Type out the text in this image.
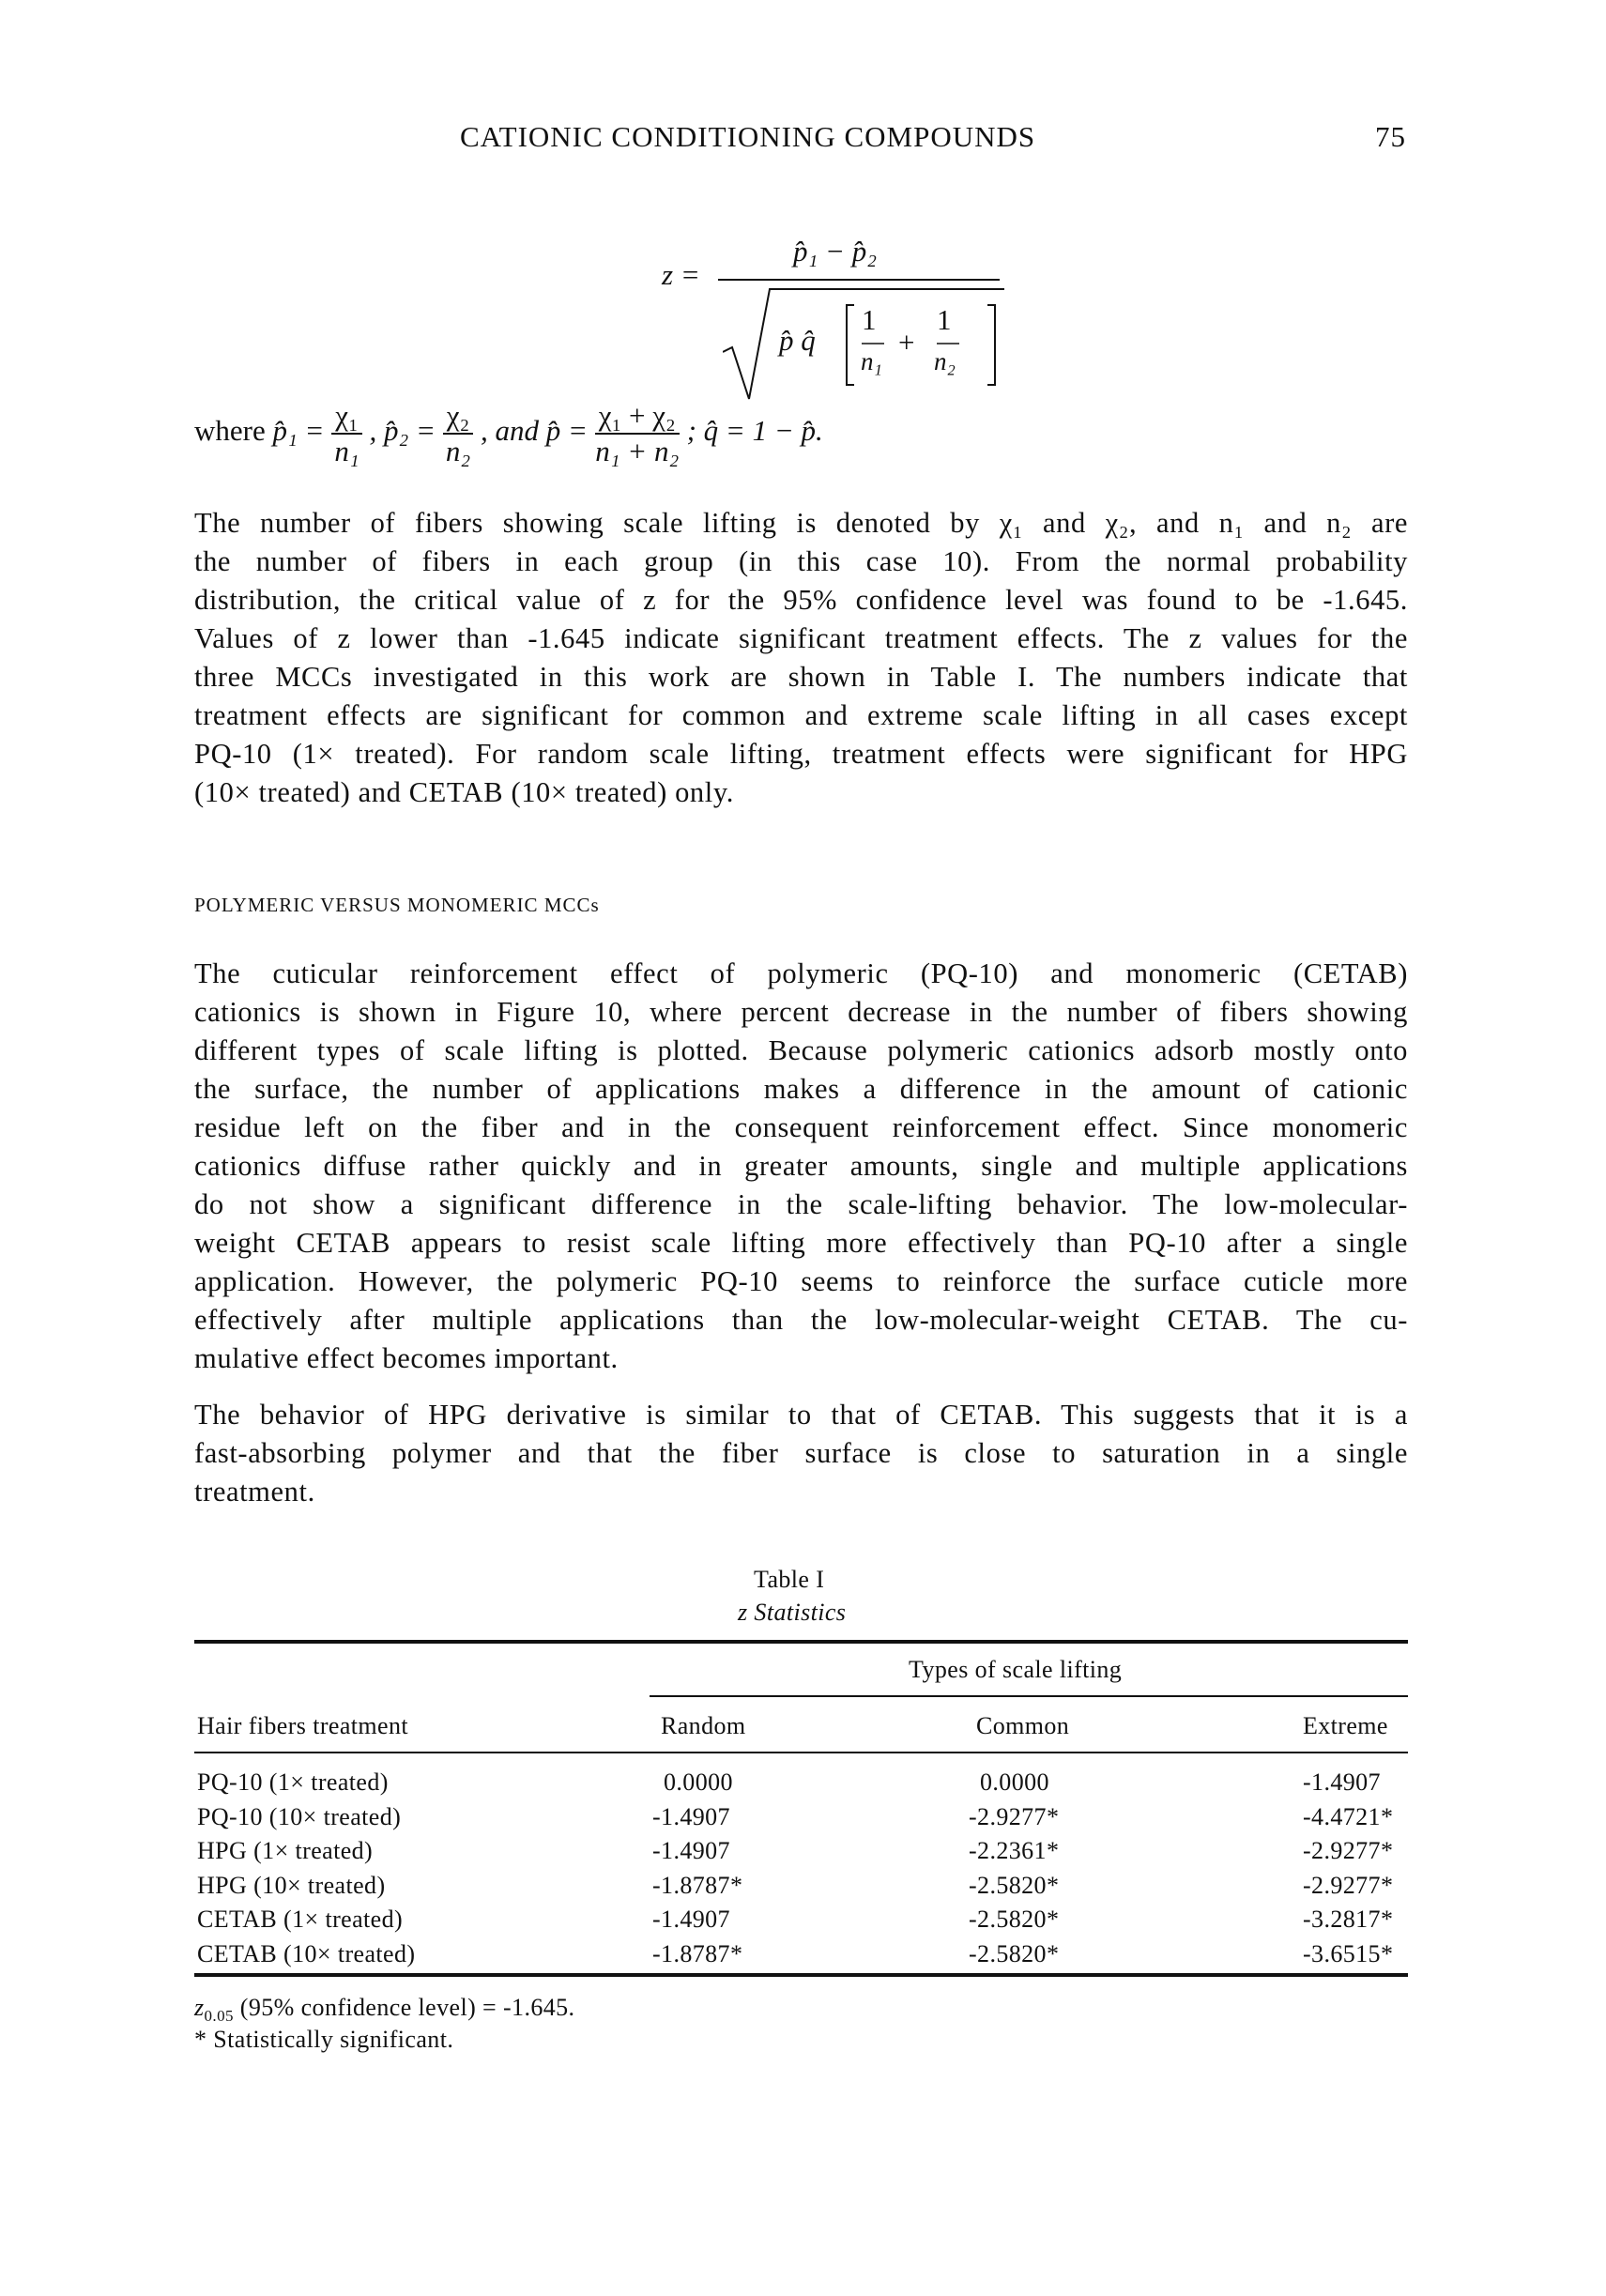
CATIONIC CONDITIONING COMPOUNDS	75
z =
p̂₁ − p̂₂
p̂ q̂
1
n₁
+
1
n₂
where p̂₁ = $\frac{\text{χ₁}}{\text{n₁}}$ , p̂₂ = $\frac{\text{χ₂}}{\text{n₂}}$ , and p̂ = $\frac{\text{χ₁ + χ₂}}{\text{n₁ + n₂}}$ ; q̂ = 1 − p̂.
The number of fibers showing scale lifting is denoted by χ₁ and χ₂, and n₁ and n₂ are
the number of fibers in each group (in this case 10). From the normal probability
distribution, the critical value of z for the 95% confidence level was found to be -1.645.
Values of z lower than -1.645 indicate significant treatment effects. The z values for the
three MCCs investigated in this work are shown in Table I. The numbers indicate that
treatment effects are significant for common and extreme scale lifting in all cases except
PQ-10 (1× treated). For random scale lifting, treatment effects were significant for HPG
(10× treated) and CETAB (10× treated) only.
POLYMERIC VERSUS MONOMERIC MCCs
The cuticular reinforcement effect of polymeric (PQ-10) and monomeric (CETAB)
cationics is shown in Figure 10, where percent decrease in the number of fibers showing
different types of scale lifting is plotted. Because polymeric cationics adsorb mostly onto
the surface, the number of applications makes a difference in the amount of cationic
residue left on the fiber and in the consequent reinforcement effect. Since monomeric
cationics diffuse rather quickly and in greater amounts, single and multiple applications
do not show a significant difference in the scale-lifting behavior. The low-molecular-
weight CETAB appears to resist scale lifting more effectively than PQ-10 after a single
application. However, the polymeric PQ-10 seems to reinforce the surface cuticle more
effectively after multiple applications than the low-molecular-weight CETAB. The cu-
mulative effect becomes important.
The behavior of HPG derivative is similar to that of CETAB. This suggests that it is a
fast-absorbing polymer and that the fiber surface is close to saturation in a single
treatment.
Table I
z Statistics
Types of scale lifting
Hair fibers treatment	Random	Common	Extreme
PQ-10 (1× treated)	0.0000	0.0000	-1.4907
PQ-10 (10× treated)	-1.4907	-2.9277*	-4.4721*
HPG (1× treated)	-1.4907	-2.2361*	-2.9277*
HPG (10× treated)	-1.8787*	-2.5820*	-2.9277*
CETAB (1× treated)	-1.4907	-2.5820*	-3.2817*
CETAB (10× treated)	-1.8787*	-2.5820*	-3.6515*
$z_{0.05}$ (95% confidence level) = -1.645.
* Statistically significant.
